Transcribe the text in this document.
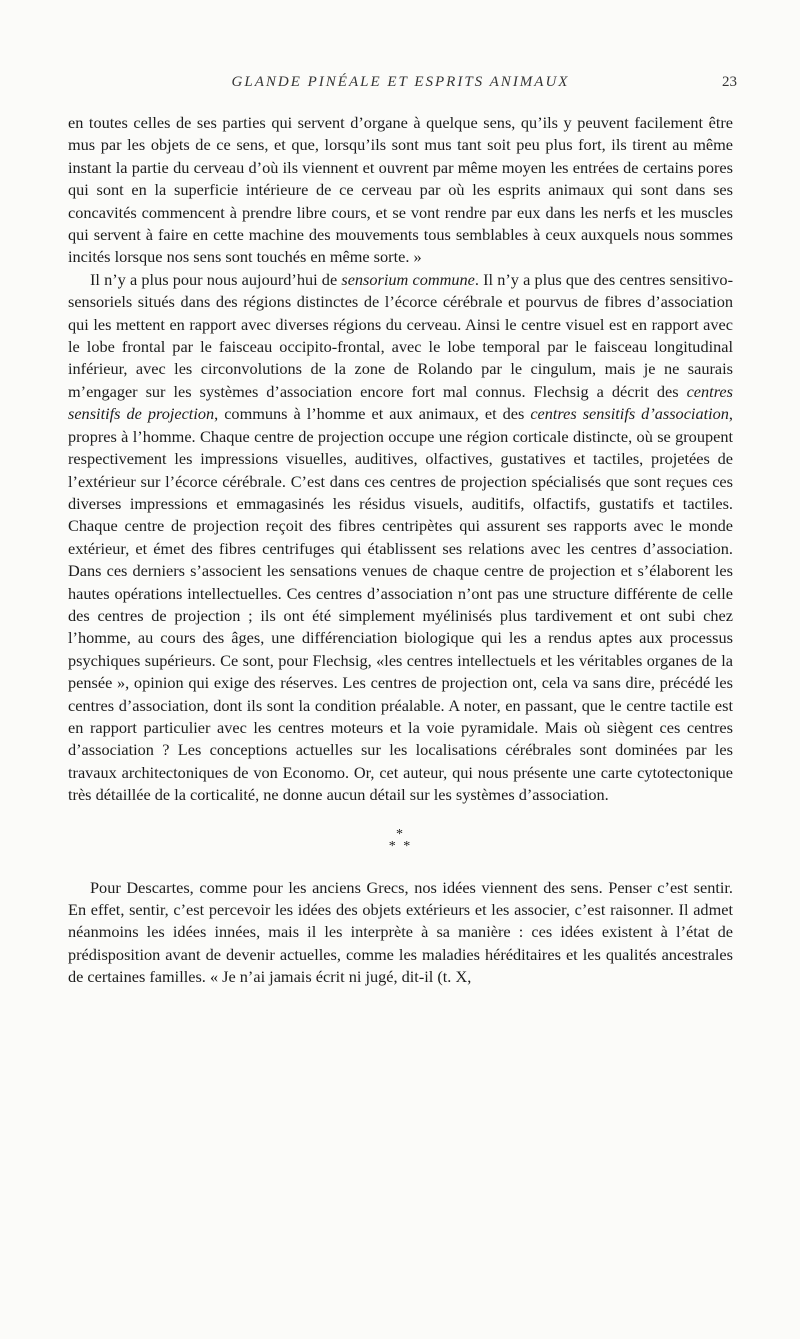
GLANDE PINÉALE ET ESPRITS ANIMAUX	23

en toutes celles de ses parties qui servent d’organe à quelque sens, qu’ils y peuvent facilement être mus par les objets de ce sens, et que, lorsqu’ils sont mus tant soit peu plus fort, ils tirent au même instant la partie du cerveau d’où ils viennent et ouvrent par même moyen les entrées de certains pores qui sont en la superficie intérieure de ce cerveau par où les esprits animaux qui sont dans ses concavités commencent à prendre libre cours, et se vont rendre par eux dans les nerfs et les muscles qui servent à faire en cette machine des mouvements tous semblables à ceux auxquels nous sommes incités lorsque nos sens sont touchés en même sorte. »

Il n’y a plus pour nous aujourd’hui de sensorium commune. Il n’y a plus que des centres sensitivo-sensoriels situés dans des régions distinctes de l’écorce cérébrale et pourvus de fibres d’association qui les mettent en rapport avec diverses régions du cerveau. Ainsi le centre visuel est en rapport avec le lobe frontal par le faisceau occipito-frontal, avec le lobe temporal par le faisceau longitudinal inférieur, avec les circonvolutions de la zone de Rolando par le cingulum, mais je ne saurais m’engager sur les systèmes d’association encore fort mal connus. Flechsig a décrit des centres sensitifs de projection, communs à l’homme et aux animaux, et des centres sensitifs d’association, propres à l’homme. Chaque centre de projection occupe une région corticale distincte, où se groupent respectivement les impressions visuelles, auditives, olfactives, gustatives et tactiles, projetées de l’extérieur sur l’écorce cérébrale. C’est dans ces centres de projection spécialisés que sont reçues ces diverses impressions et emmagasinés les résidus visuels, auditifs, olfactifs, gustatifs et tactiles. Chaque centre de projection reçoit des fibres centripètes qui assurent ses rapports avec le monde extérieur, et émet des fibres centrifuges qui établissent ses relations avec les centres d’association. Dans ces derniers s’associent les sensations venues de chaque centre de projection et s’élaborent les hautes opérations intellectuelles. Ces centres d’association n’ont pas une structure différente de celle des centres de projection ; ils ont été simplement myélinisés plus tardivement et ont subi chez l’homme, au cours des âges, une différenciation biologique qui les a rendus aptes aux processus psychiques supérieurs. Ce sont, pour Flechsig, «les centres intellectuels et les véritables organes de la pensée », opinion qui exige des réserves. Les centres de projection ont, cela va sans dire, précédé les centres d’association, dont ils sont la condition préalable. A noter, en passant, que le centre tactile est en rapport particulier avec les centres moteurs et la voie pyramidale. Mais où siègent ces centres d’association ? Les conceptions actuelles sur les localisations cérébrales sont dominées par les travaux architectoniques de von Economo. Or, cet auteur, qui nous présente une carte cytotectonique très détaillée de la corticalité, ne donne aucun détail sur les systèmes d’association.

*
* *

Pour Descartes, comme pour les anciens Grecs, nos idées viennent des sens. Penser c’est sentir. En effet, sentir, c’est percevoir les idées des objets extérieurs et les associer, c’est raisonner. Il admet néanmoins les idées innées, mais il les interprète à sa manière : ces idées existent à l’état de prédisposition avant de devenir actuelles, comme les maladies héréditaires et les qualités ancestrales de certaines familles. « Je n’ai jamais écrit ni jugé, dit-il (t. X,
